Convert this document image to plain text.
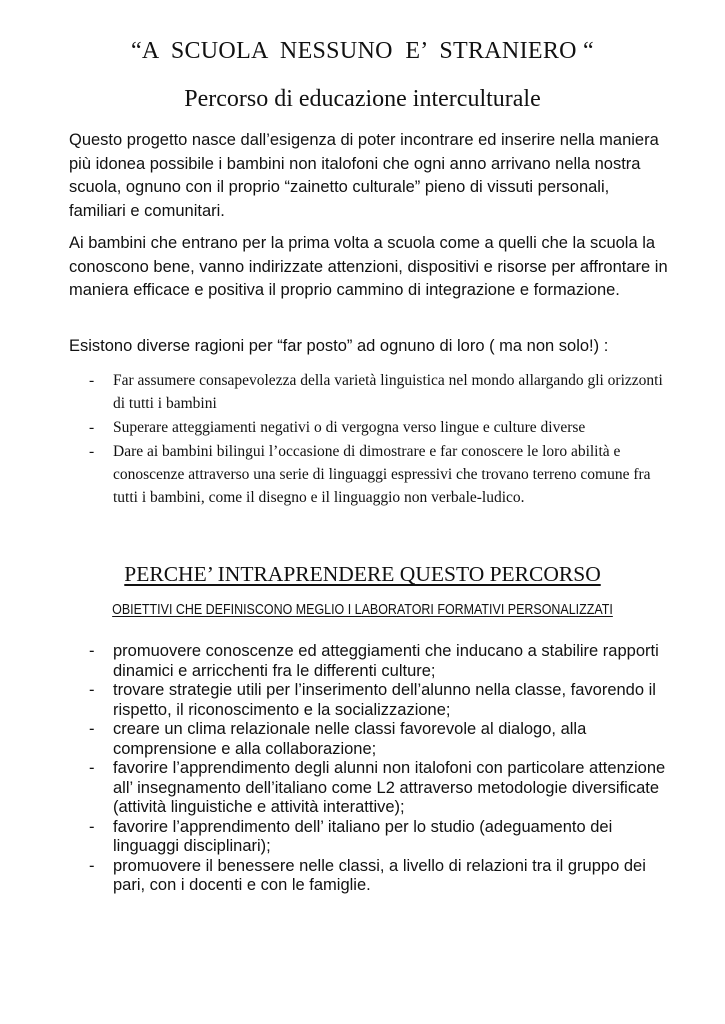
“A  SCUOLA  NESSUNO  E’  STRANIERO “
Percorso di educazione interculturale
Questo progetto nasce dall’esigenza di poter incontrare ed inserire nella maniera più idonea possibile i bambini non italofoni che ogni anno arrivano nella nostra scuola, ognuno con il proprio “zainetto culturale” pieno di vissuti personali, familiari e comunitari.
Ai bambini che entrano per la prima volta a scuola come a quelli che la scuola la conoscono bene, vanno indirizzate attenzioni, dispositivi e risorse per affrontare in maniera efficace e positiva il proprio cammino di integrazione e formazione.
Esistono diverse ragioni per “far posto” ad ognuno di loro ( ma non solo!) :
- Far assumere consapevolezza della varietà linguistica nel mondo allargando gli orizzonti di tutti i bambini
- Superare atteggiamenti negativi o di vergogna verso lingue e culture diverse
- Dare ai bambini bilingui l’occasione di dimostrare e far conoscere le loro abilità e conoscenze attraverso una serie di linguaggi espressivi che trovano terreno comune fra tutti i bambini, come il disegno e il linguaggio non verbale-ludico.
PERCHE’ INTRAPRENDERE QUESTO PERCORSO
OBIETTIVI CHE DEFINISCONO MEGLIO I LABORATORI FORMATIVI PERSONALIZZATI
- promuovere conoscenze ed atteggiamenti che inducano a stabilire rapporti dinamici e arricchenti fra le differenti culture;
- trovare strategie utili per l’inserimento dell’alunno nella classe, favorendo il rispetto, il riconoscimento e la socializzazione;
- creare un clima relazionale nelle classi favorevole al dialogo, alla comprensione e alla collaborazione;
- favorire l’apprendimento degli alunni non italofoni con particolare attenzione all’ insegnamento dell’italiano come L2 attraverso metodologie diversificate (attività linguistiche e attività interattive);
- favorire l’apprendimento dell’ italiano per lo studio (adeguamento dei linguaggi disciplinari);
- promuovere il benessere nelle classi, a livello di relazioni tra il gruppo dei pari, con i docenti e con le famiglie.
